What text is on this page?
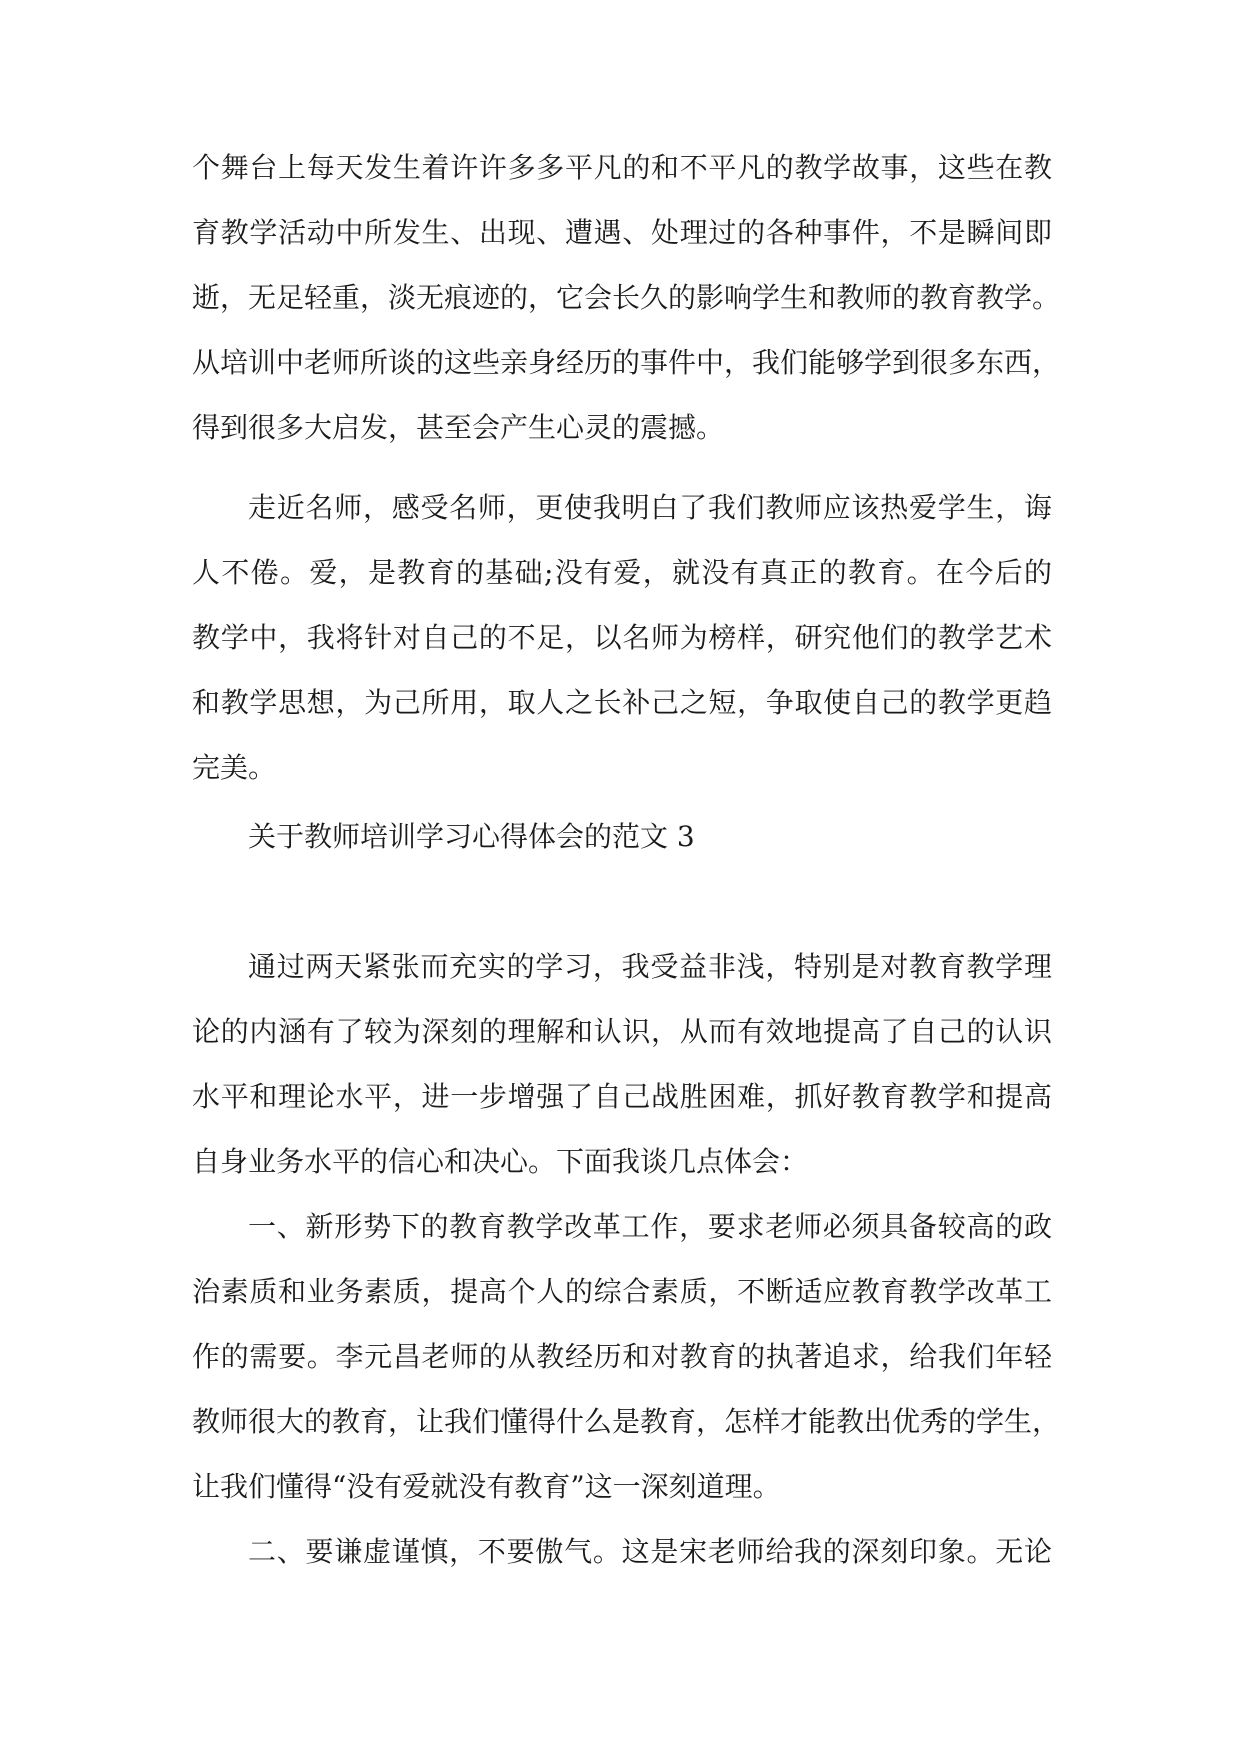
个舞台上每天发生着许许多多平凡的和不平凡的教学故事，这些在教
育教学活动中所发生、出现、遭遇、处理过的各种事件，不是瞬间即
逝，无足轻重，淡无痕迹的，它会长久的影响学生和教师的教育教学。
从培训中老师所谈的这些亲身经历的事件中，我们能够学到很多东西，
得到很多大启发，甚至会产生心灵的震撼。
走近名师，感受名师，更使我明白了我们教师应该热爱学生，诲
人不倦。爱，是教育的基础;没有爱，就没有真正的教育。在今后的
教学中，我将针对自己的不足，以名师为榜样，研究他们的教学艺术
和教学思想，为己所用，取人之长补己之短，争取使自己的教学更趋
完美。
关于教师培训学习心得体会的范文 3
通过两天紧张而充实的学习，我受益非浅，特别是对教育教学理
论的内涵有了较为深刻的理解和认识，从而有效地提高了自己的认识
水平和理论水平，进一步增强了自己战胜困难，抓好教育教学和提高
自身业务水平的信心和决心。下面我谈几点体会：
一、新形势下的教育教学改革工作，要求老师必须具备较高的政
治素质和业务素质，提高个人的综合素质，不断适应教育教学改革工
作的需要。李元昌老师的从教经历和对教育的执著追求，给我们年轻
教师很大的教育，让我们懂得什么是教育，怎样才能教出优秀的学生，
让我们懂得“没有爱就没有教育”这一深刻道理。
二、要谦虚谨慎，不要傲气。这是宋老师给我的深刻印象。无论
